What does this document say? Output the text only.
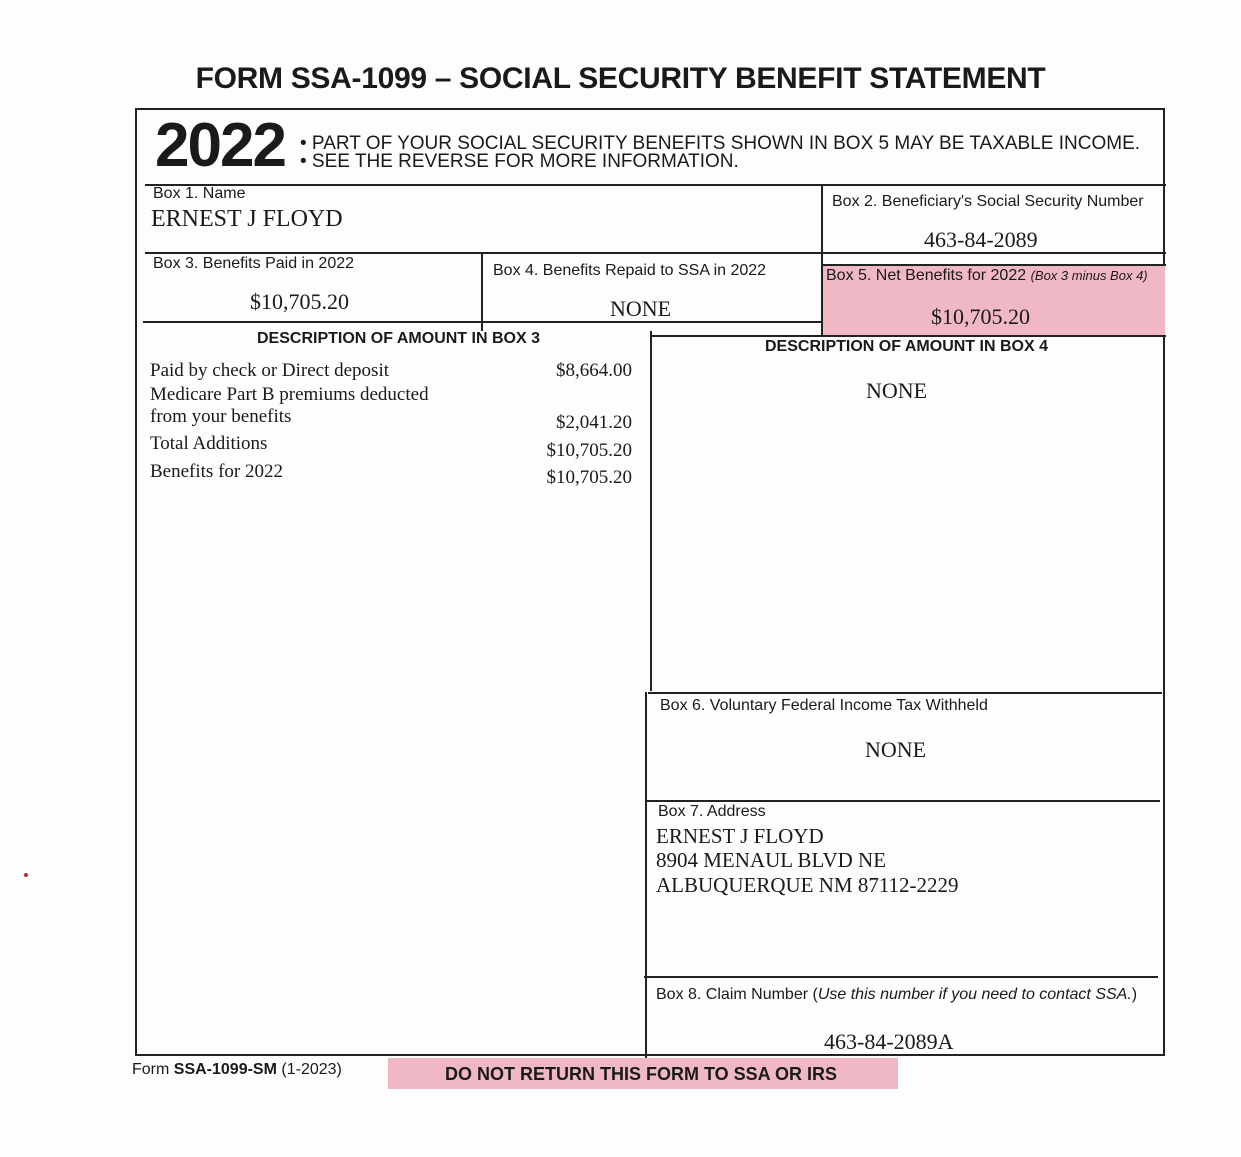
FORM SSA-1099 – SOCIAL SECURITY BENEFIT STATEMENT
2022 • PART OF YOUR SOCIAL SECURITY BENEFITS SHOWN IN BOX 5 MAY BE TAXABLE INCOME.
• SEE THE REVERSE FOR MORE INFORMATION.
Box 1. Name
ERNEST J FLOYD
Box 2. Beneficiary's Social Security Number
463-84-2089
Box 3. Benefits Paid in 2022
$10,705.20
Box 4. Benefits Repaid to SSA in 2022
NONE
Box 5. Net Benefits for 2022 (Box 3 minus Box 4)
$10,705.20
DESCRIPTION OF AMOUNT IN BOX 3
Paid by check or Direct deposit	$8,664.00
Medicare Part B premiums deducted
from your benefits	$2,041.20
Total Additions	$10,705.20
Benefits for 2022	$10,705.20
DESCRIPTION OF AMOUNT IN BOX 4
NONE
Box 6. Voluntary Federal Income Tax Withheld
NONE
Box 7. Address
ERNEST J FLOYD
8904 MENAUL BLVD NE
ALBUQUERQUE NM 87112-2229
Box 8. Claim Number (Use this number if you need to contact SSA.)
463-84-2089A
Form SSA-1099-SM (1-2023)	DO NOT RETURN THIS FORM TO SSA OR IRS
